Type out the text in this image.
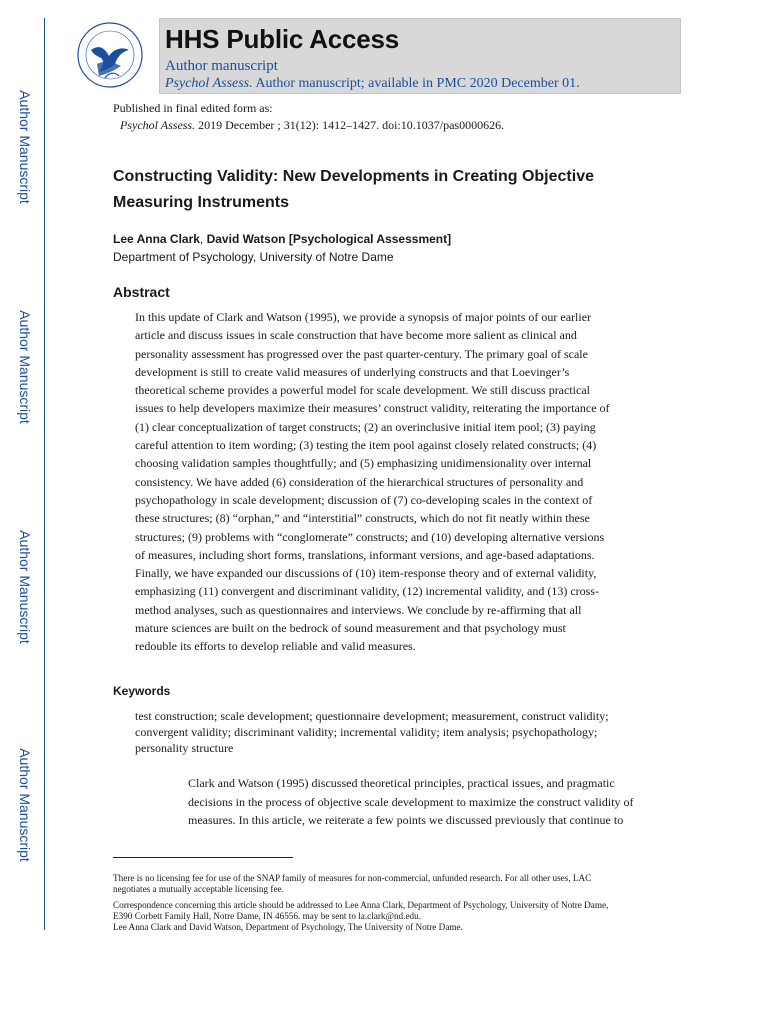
Author Manuscript
Author Manuscript
Author Manuscript
Author Manuscript
HHS Public Access
Author manuscript
Psychol Assess. Author manuscript; available in PMC 2020 December 01.
Published in final edited form as:
Psychol Assess. 2019 December ; 31(12): 1412–1427. doi:10.1037/pas0000626.
Constructing Validity: New Developments in Creating Objective
Measuring Instruments
Lee Anna Clark, David Watson [Psychological Assessment]
Department of Psychology, University of Notre Dame
Abstract
In this update of Clark and Watson (1995), we provide a synopsis of major points of our earlier
article and discuss issues in scale construction that have become more salient as clinical and
personality assessment has progressed over the past quarter-century. The primary goal of scale
development is still to create valid measures of underlying constructs and that Loevinger’s
theoretical scheme provides a powerful model for scale development. We still discuss practical
issues to help developers maximize their measures’ construct validity, reiterating the importance of
(1) clear conceptualization of target constructs; (2) an overinclusive initial item pool; (3) paying
careful attention to item wording; (3) testing the item pool against closely related constructs; (4)
choosing validation samples thoughtfully; and (5) emphasizing unidimensionality over internal
consistency. We have added (6) consideration of the hierarchical structures of personality and
psychopathology in scale development; discussion of (7) co-developing scales in the context of
these structures; (8) “orphan,” and “interstitial” constructs, which do not fit neatly within these
structures; (9) problems with “conglomerate” constructs; and (10) developing alternative versions
of measures, including short forms, translations, informant versions, and age-based adaptations.
Finally, we have expanded our discussions of (10) item-response theory and of external validity,
emphasizing (11) convergent and discriminant validity, (12) incremental validity, and (13) cross-
method analyses, such as questionnaires and interviews. We conclude by re-affirming that all
mature sciences are built on the bedrock of sound measurement and that psychology must
redouble its efforts to develop reliable and valid measures.
Keywords
test construction; scale development; questionnaire development; measurement, construct validity;
convergent validity; discriminant validity; incremental validity; item analysis; psychopathology;
personality structure
Clark and Watson (1995) discussed theoretical principles, practical issues, and pragmatic
decisions in the process of objective scale development to maximize the construct validity of
measures. In this article, we reiterate a few points we discussed previously that continue to

There is no licensing fee for use of the SNAP family of measures for non-commercial, unfunded research. For all other uses, LAC
negotiates a mutually acceptable licensing fee.

Correspondence concerning this article should be addressed to Lee Anna Clark, Department of Psychology, University of Notre Dame,
E390 Corbett Family Hall, Notre Dame, IN 46556. may be sent to la.clark@nd.edu.
Lee Anna Clark and David Watson, Department of Psychology, The University of Notre Dame.
